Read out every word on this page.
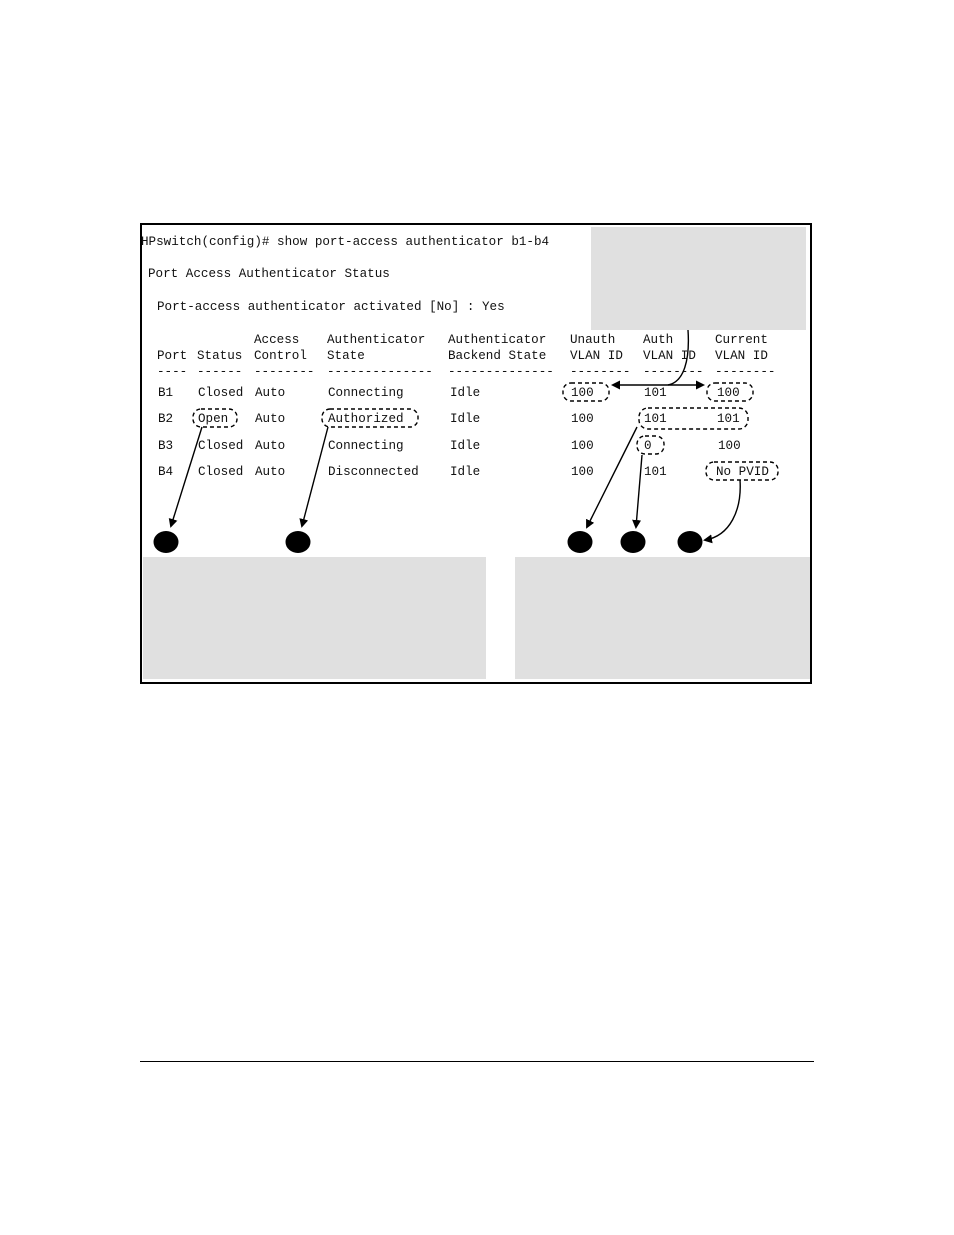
HPswitch(config)# show port-access authenticator b1-b4
Port Access Authenticator Status
Port-access authenticator activated [No] : Yes
Access Authenticator Authenticator Unauth Auth	Current
Port Status Control State	Backend State VLAN ID VLAN ID VLAN ID
---- ------ -------- -------------- -------------- -------- -------- --------
B1 Closed Auto	Connecting	Idle	100	101	100
B2 Open Auto	Authorized	Idle	100	101	101
B3 Closed Auto	Connecting	Idle	100	0	100
B4 Closed Auto	Disconnected Idle	100	101	No PVID
